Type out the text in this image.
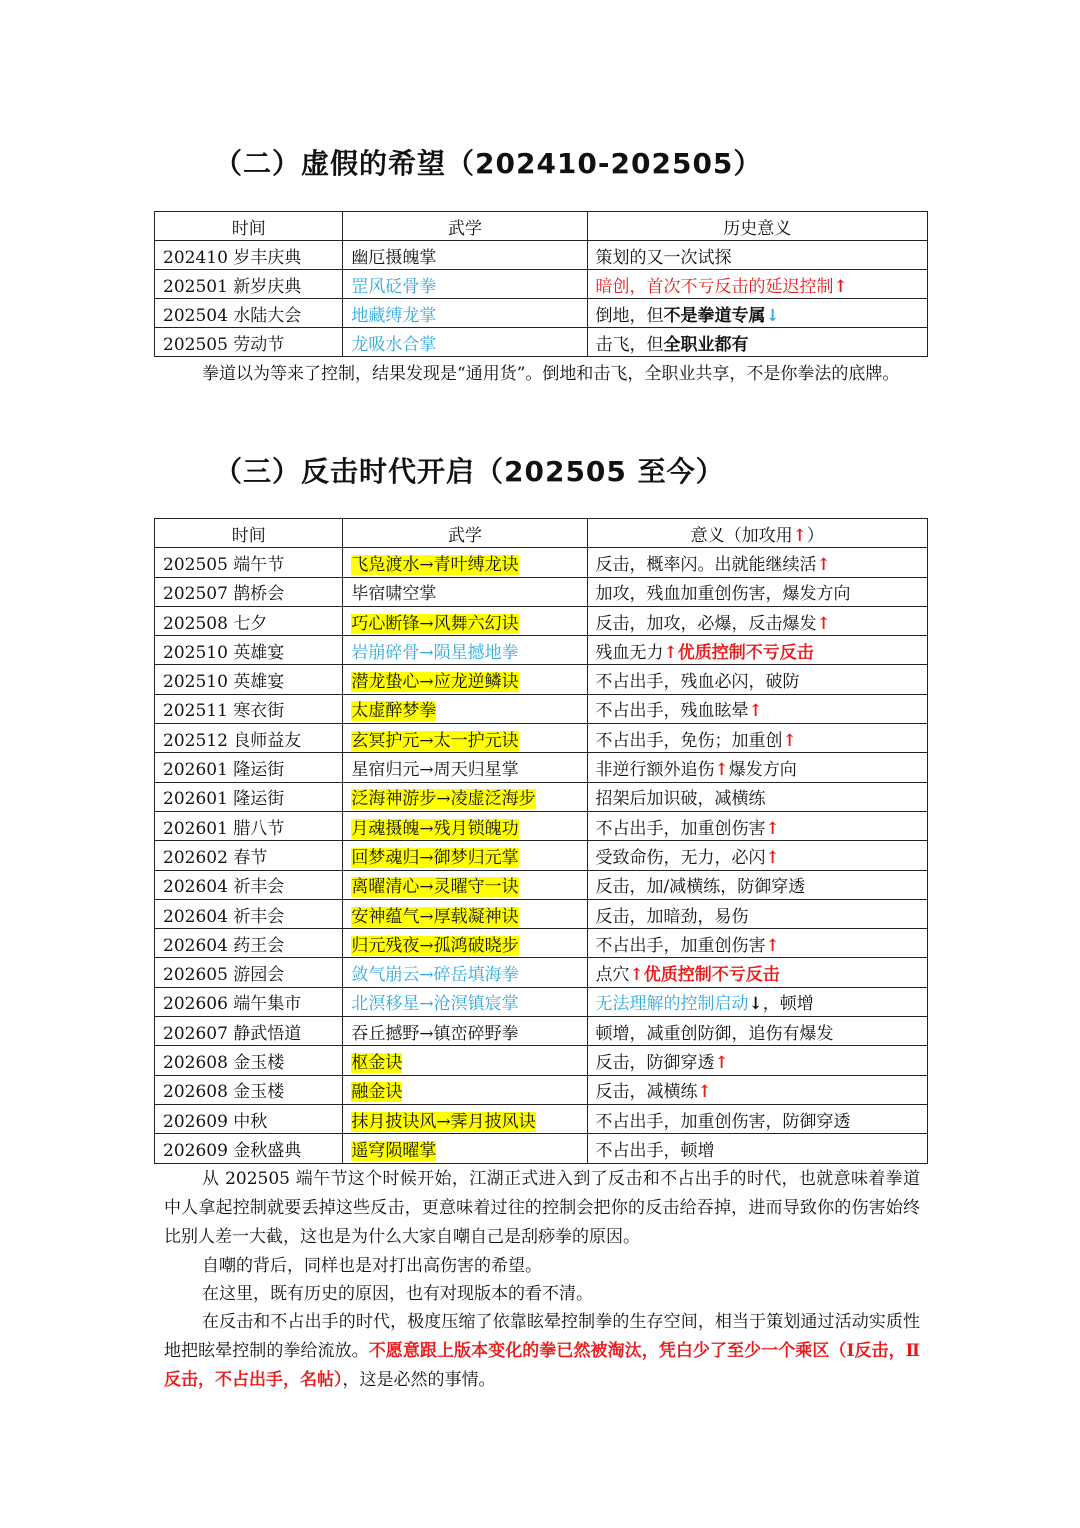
（二）虚假的希望（202410-202505）
时间	武学	历史意义
202410 岁丰庆典	幽厄摄魄掌	策划的又一次试探
202501 新岁庆典	罡风砭骨拳	暗创，首次不亏反击的延迟控制↑
202504 水陆大会	地藏缚龙掌	倒地，但不是拳道专属↓
202505 劳动节	龙吸水合掌	击飞，但全职业都有
拳道以为等来了控制，结果发现是“通用货”。倒地和击飞，全职业共享，不是你拳法的底牌。
（三）反击时代开启（202505 至今）
时间	武学	意义（加攻用↑）
202505 端午节	飞凫渡水→青叶缚龙诀	反击，概率闪。出就能继续活↑
202507 鹊桥会	毕宿啸空掌	加攻，残血加重创伤害，爆发方向
202508 七夕	巧心断锋→风舞六幻诀	反击，加攻，必爆，反击爆发↑
202510 英雄宴	岩崩碎骨→陨星撼地拳	残血无力↑优质控制不亏反击
202510 英雄宴	潜龙蛰心→应龙逆鳞诀	不占出手，残血必闪，破防
202511 寒衣街	太虚醉梦拳	不占出手，残血眩晕↑
202512 良师益友	玄冥护元→太一护元诀	不占出手，免伤；加重创↑
202601 隆运街	星宿归元→周天归星掌	非逆行额外追伤↑爆发方向
202601 隆运街	泛海神游步→凌虚泛海步	招架后加识破，减横练
202601 腊八节	月魂摄魄→残月锁魄功	不占出手，加重创伤害↑
202602 春节	回梦魂归→御梦归元掌	受致命伤，无力，必闪↑
202604 祈丰会	离曜清心→灵曜守一诀	反击，加/减横练，防御穿透
202604 祈丰会	安神蕴气→厚载凝神诀	反击，加暗劲，易伤
202604 药王会	归元残夜→孤鸿破晓步	不占出手，加重创伤害↑
202605 游园会	敛气崩云→碎岳填海拳	点穴↑优质控制不亏反击
202606 端午集市	北溟移星→沧溟镇宸掌	无法理解的控制启动↓，顿增
202607 静武悟道	吞丘撼野→镇峦碎野拳	顿增，减重创防御，追伤有爆发
202608 金玉楼	枢金诀	反击，防御穿透↑
202608 金玉楼	融金诀	反击，减横练↑
202609 中秋	抹月披诀风→霁月披风诀	不占出手，加重创伤害，防御穿透
202609 金秋盛典	遥穹陨曜掌	不占出手，顿增
从 202505 端午节这个时候开始，江湖正式进入到了反击和不占出手的时代，也就意味着拳道中人拿起控制就要丢掉这些反击，更意味着过往的控制会把你的反击给吞掉，进而导致你的伤害始终比别人差一大截，这也是为什么大家自嘲自己是刮痧拳的原因。
自嘲的背后，同样也是对打出高伤害的希望。
在这里，既有历史的原因，也有对现版本的看不清。
在反击和不占出手的时代，极度压缩了依靠眩晕控制拳的生存空间，相当于策划通过活动实质性地把眩晕控制的拳给流放。不愿意跟上版本变化的拳已然被淘汰，凭白少了至少一个乘区（Ⅰ反击，Ⅱ反击，不占出手，名帖），这是必然的事情。
